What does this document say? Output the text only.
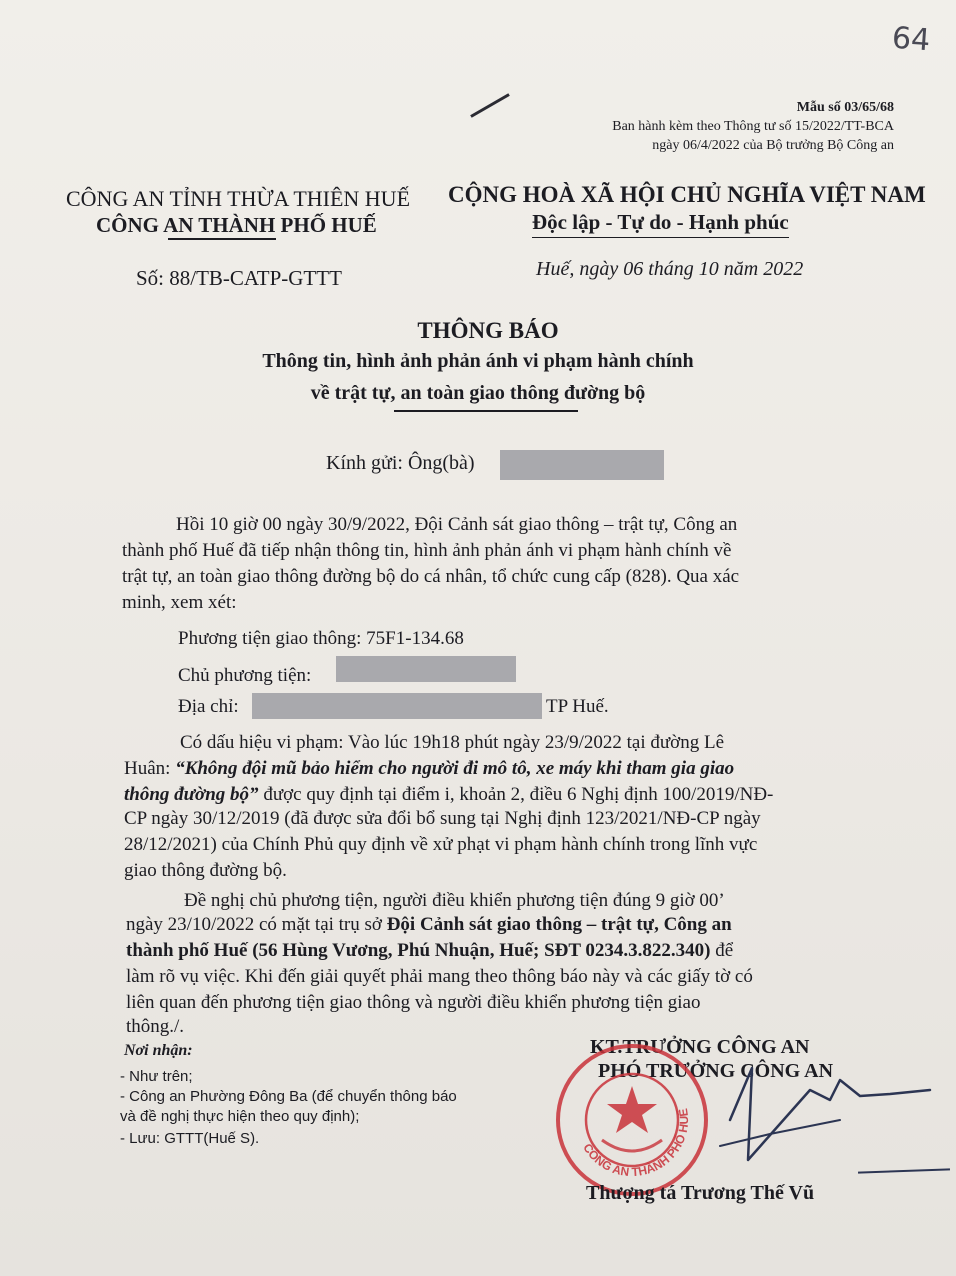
64
Mẫu số 03/65/68
Ban hành kèm theo Thông tư số 15/2022/TT-BCA
ngày 06/4/2022 của Bộ trưởng Bộ Công an
CÔNG AN TỈNH THỪA THIÊN HUẾ
CÔNG AN THÀNH PHỐ HUẾ
CỘNG HOÀ XÃ HỘI CHỦ NGHĨA VIỆT NAM
Độc lập - Tự do - Hạnh phúc
Số: 88/TB-CATP-GTTT	Huế, ngày 06 tháng 10 năm 2022
THÔNG BÁO
Thông tin, hình ảnh phản ánh vi phạm hành chính
về trật tự, an toàn giao thông đường bộ
Kính gửi: Ông(bà)
Hồi 10 giờ 00 ngày 30/9/2022, Đội Cảnh sát giao thông – trật tự, Công an
thành phố Huế đã tiếp nhận thông tin, hình ảnh phản ánh vi phạm hành chính về
trật tự, an toàn giao thông đường bộ do cá nhân, tổ chức cung cấp (828). Qua xác
minh, xem xét:
Phương tiện giao thông: 75F1-134.68
Chủ phương tiện:
Địa chỉ:	TP Huế.
Có dấu hiệu vi phạm: Vào lúc 19h18 phút ngày 23/9/2022 tại đường Lê
Huân: “Không đội mũ bảo hiểm cho người đi mô tô, xe máy khi tham gia giao
thông đường bộ” được quy định tại điểm i, khoản 2, điều 6 Nghị định 100/2019/NĐ-
CP ngày 30/12/2019 (đã được sửa đổi bổ sung tại Nghị định 123/2021/NĐ-CP ngày
28/12/2021) của Chính Phủ quy định về xử phạt vi phạm hành chính trong lĩnh vực
giao thông đường bộ.
Đề nghị chủ phương tiện, người điều khiển phương tiện đúng 9 giờ 00’
ngày 23/10/2022 có mặt tại trụ sở Đội Cảnh sát giao thông – trật tự, Công an
thành phố Huế (56 Hùng Vương, Phú Nhuận, Huế; SĐT 0234.3.822.340) để
làm rõ vụ việc. Khi đến giải quyết phải mang theo thông báo này và các giấy tờ có
liên quan đến phương tiện giao thông và người điều khiển phương tiện giao
thông./.
Nơi nhận:
- Như trên;
- Công an Phường Đông Ba (để chuyển thông báo
và đề nghị thực hiện theo quy định);
- Lưu: GTTT(Huế S).
KT.TRƯỞNG CÔNG AN
PHÓ TRƯỞNG CÔNG AN
CÔNG AN THÀNH PHỐ HUẾ
Thượng tá Trương Thế Vũ
